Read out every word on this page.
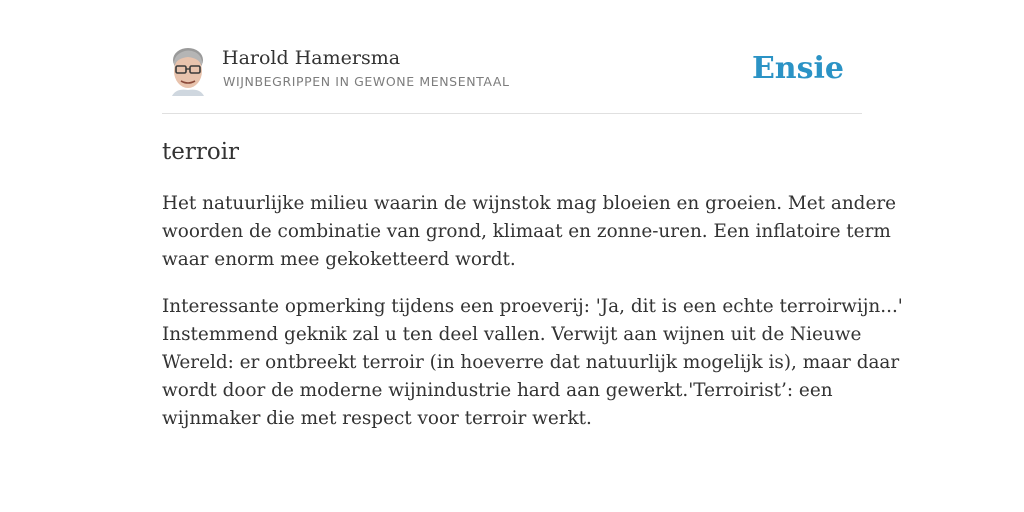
Harold Hamersma
WIJNBEGRIPPEN IN GEWONE MENSENTAAL	Ensie
terroir

Het natuurlijke milieu waarin de wijnstok mag bloeien en groeien. Met andere
woorden de combinatie van grond, klimaat en zonne-uren. Een inflatoire term
waar enorm mee gekoketteerd wordt.

Interessante opmerking tijdens een proeverij: 'Ja, dit is een echte terroirwijn...'
Instemmend geknik zal u ten deel vallen. Verwijt aan wijnen uit de Nieuwe
Wereld: er ontbreekt terroir (in hoeverre dat natuurlijk mogelijk is), maar daar
wordt door de moderne wijnindustrie hard aan gewerkt.'Terroirist’: een
wijnmaker die met respect voor terroir werkt.
